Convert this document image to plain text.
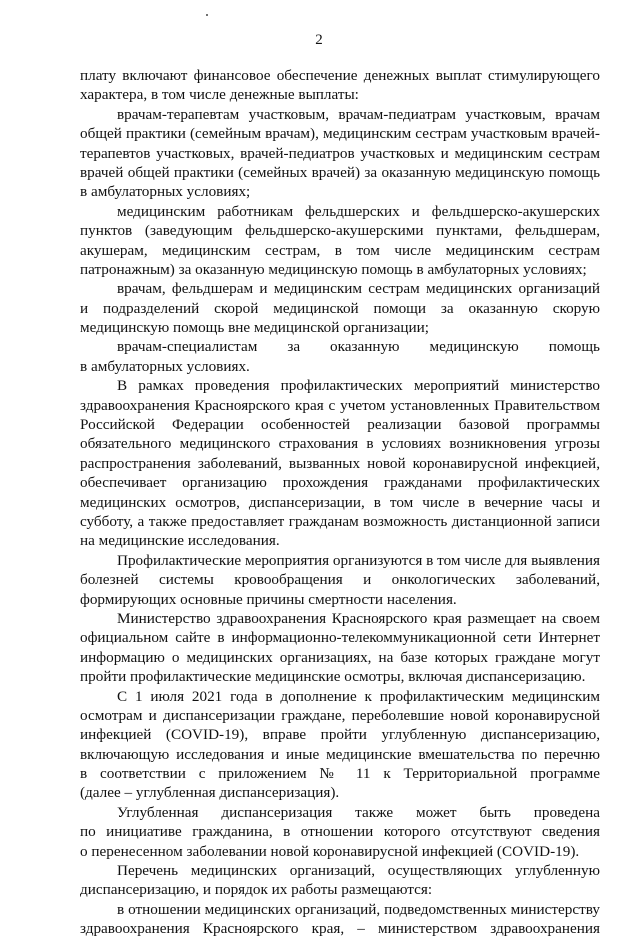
2
плату включают финансовое обеспечение денежных выплат стимулирующего
характера, в том числе денежные выплаты:
врачам-терапевтам участковым, врачам-педиатрам участковым, врачам
общей практики (семейным врачам), медицинским сестрам участковым врачей-
терапевтов участковых, врачей-педиатров участковых и медицинским сестрам
врачей общей практики (семейных врачей) за оказанную медицинскую помощь
в амбулаторных условиях;
медицинским работникам фельдшерских и фельдшерско-акушерских
пунктов (заведующим фельдшерско-акушерскими пунктами, фельдшерам,
акушерам, медицинским сестрам, в том числе медицинским сестрам
патронажным) за оказанную медицинскую помощь в амбулаторных условиях;
врачам, фельдшерам и медицинским сестрам медицинских организаций
и подразделений скорой медицинской помощи за оказанную скорую
медицинскую помощь вне медицинской организации;
врачам-специалистам за оказанную медицинскую помощь
в амбулаторных условиях.
В рамках проведения профилактических мероприятий министерство
здравоохранения Красноярского края с учетом установленных Правительством
Российской Федерации особенностей реализации базовой программы
обязательного медицинского страхования в условиях возникновения угрозы
распространения заболеваний, вызванных новой коронавирусной инфекцией,
обеспечивает организацию прохождения гражданами профилактических
медицинских осмотров, диспансеризации, в том числе в вечерние часы и
субботу, а также предоставляет гражданам возможность дистанционной записи
на медицинские исследования.
Профилактические мероприятия организуются в том числе для выявления
болезней системы кровообращения и онкологических заболеваний,
формирующих основные причины смертности населения.
Министерство здравоохранения Красноярского края размещает на своем
официальном сайте в информационно-телекоммуникационной сети Интернет
информацию о медицинских организациях, на базе которых граждане могут
пройти профилактические медицинские осмотры, включая диспансеризацию.
С 1 июля 2021 года в дополнение к профилактическим медицинским
осмотрам и диспансеризации граждане, переболевшие новой коронавирусной
инфекцией (COVID-19), вправе пройти углубленную диспансеризацию,
включающую исследования и иные медицинские вмешательства по перечню
в соответствии с приложением № 11 к Территориальной программе
(далее – углубленная диспансеризация).
Углубленная диспансеризация также может быть проведена
по инициативе гражданина, в отношении которого отсутствуют сведения
о перенесенном заболевании новой коронавирусной инфекцией (COVID-19).
Перечень медицинских организаций, осуществляющих углубленную
диспансеризацию, и порядок их работы размещаются:
в отношении медицинских организаций, подведомственных министерству
здравоохранения Красноярского края, – министерством здравоохранения
